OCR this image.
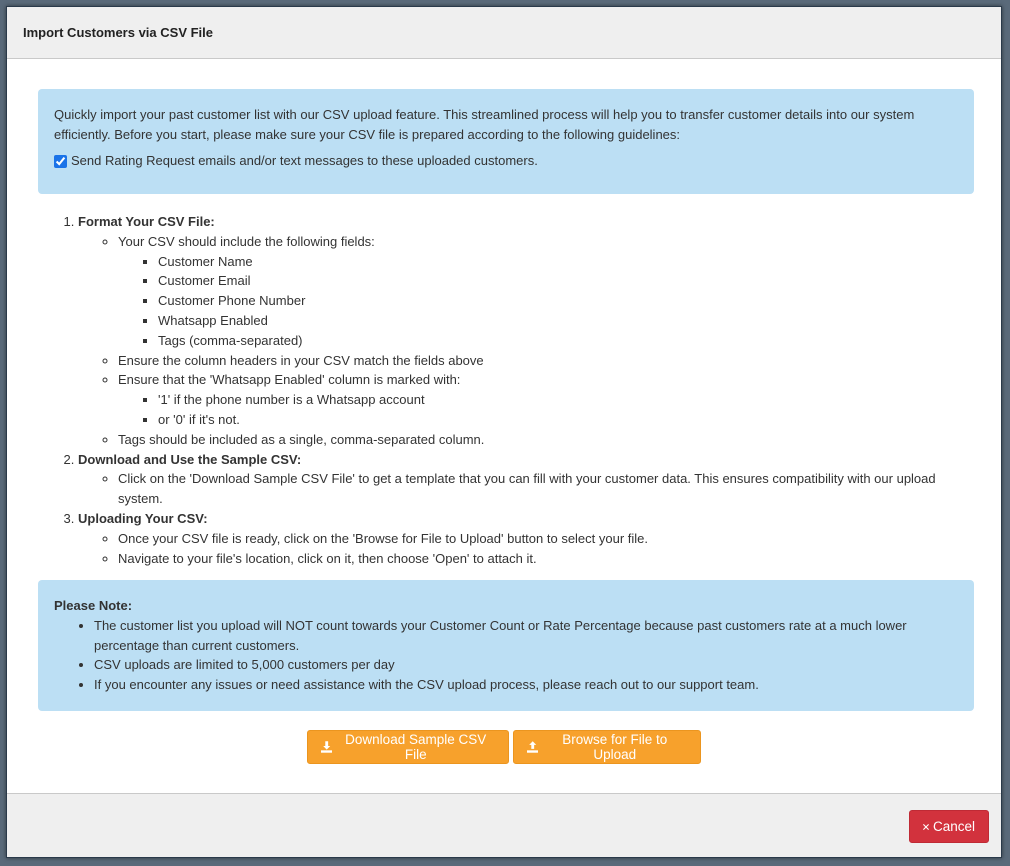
Import Customers via CSV File

Quickly import your past customer list with our CSV upload feature. This streamlined process will help you to transfer customer details into our system efficiently. Before you start, please make sure your CSV file is prepared according to the following guidelines:

Send Rating Request emails and/or text messages to these uploaded customers.
1. Format Your CSV File:
◦ Your CSV should include the following fields:
▪ Customer Name
▪ Customer Email
▪ Customer Phone Number
▪ Whatsapp Enabled
▪ Tags (comma-separated)
◦ Ensure the column headers in your CSV match the fields above
◦ Ensure that the 'Whatsapp Enabled' column is marked with:
▪ '1' if the phone number is a Whatsapp account
▪ or '0' if it's not.
◦ Tags should be included as a single, comma-separated column.
2. Download and Use the Sample CSV:
◦ Click on the 'Download Sample CSV File' to get a template that you can fill with your customer data. This ensures compatibility with our upload system.
3. Uploading Your CSV:
◦ Once your CSV file is ready, click on the 'Browse for File to Upload' button to select your file.
◦ Navigate to your file's location, click on it, then choose 'Open' to attach it.
Please Note:
• The customer list you upload will NOT count towards your Customer Count or Rate Percentage because past customers rate at a much lower percentage than current customers.
• CSV uploads are limited to 5,000 customers per day
• If you encounter any issues or need assistance with the CSV upload process, please reach out to our support team.
Download Sample CSV File
Browse for File to Upload
Cancel
